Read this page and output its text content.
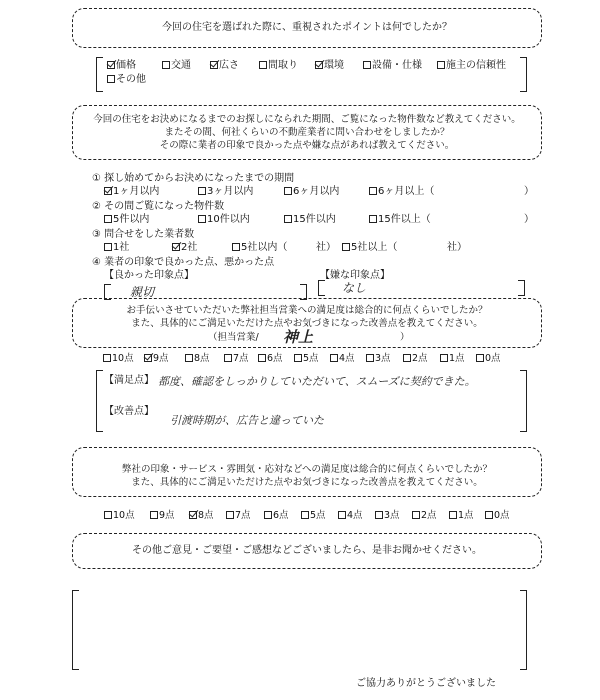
今回の住宅を選ばれた際に、重視されたポイントは何でしたか？
価格	交通	広さ	間取り	環境	設備・仕様	施主の信頼性
その他
今回の住宅をお決めになるまでのお探しになられた期間、ご覧になった物件数など教えてください。
またその間、何社くらいの不動産業者に問い合わせをしましたか？
その際に業者の印象で良かった点や嫌な点があれば教えてください。
① 探し始めてからお決めになったまでの期間
1ヶ月以内	3ヶ月以内	6ヶ月以内	6ヶ月以上（	）
② その間ご覧になった物件数
5件以内	10件以内	15件以内	15件以上（	）
③ 問合せをした業者数
1社	2社	5社以内（	社）	5社以上（	社）
④ 業者の印象で良かった点、悪かった点
【良かった印象点】	【嫌な印象点】
親切	なし
お手伝いさせていただいた弊社担当営業への満足度は総合的に何点くらいでしたか？
また、具体的にご満足いただけた点やお気づきになった改善点を教えてください。
（担当営業/ 神上	）
10点	9点	8点	7点	6点	5点	4点	3点	2点	1点	0点
【満足点】 都度、確認をしっかりしていただいて、スムーズに契約できた。
【改善点】
引渡時期が、広告と違っていた
弊社の印象・サービス・雰囲気・応対などへの満足度は総合的に何点くらいでしたか？
また、具体的にご満足いただけた点やお気づきになった改善点を教えてください。
10点	9点	8点	7点	6点	5点	4点	3点	2点	1点	0点
その他ご意見・ご要望・ご感想などございましたら、是非お聞かせください。
ご協力ありがとうございました
